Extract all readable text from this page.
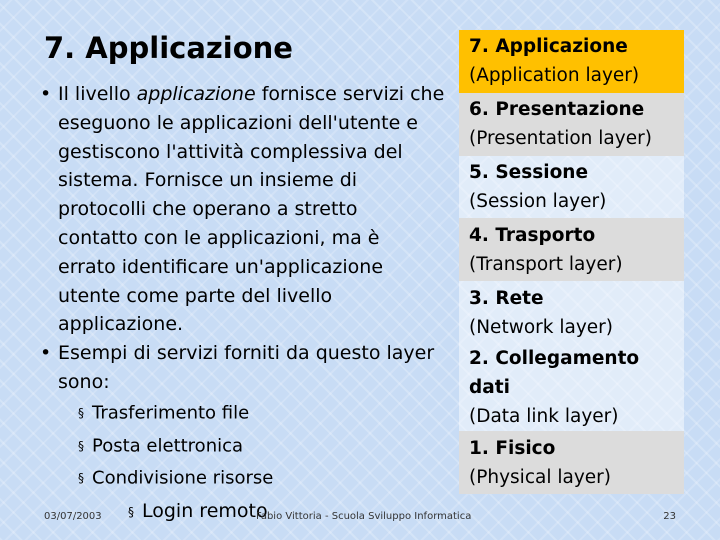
7. Applicazione
• Il livello applicazione fornisce servizi che
eseguono le applicazioni dell'utente e
gestiscono l'attività complessiva del
sistema. Fornisce un insieme di
protocolli che operano a stretto
contatto con le applicazioni, ma è
errato identificare un'applicazione
utente come parte del livello
applicazione.
• Esempi di servizi forniti da questo layer
sono:
§ Trasferimento file
§ Posta elettronica
§ Condivisione risorse
§ Login remoto
7. Applicazione
(Application layer)
6. Presentazione
(Presentation layer)
5. Sessione
(Session layer)
4. Trasporto
(Transport layer)
3. Rete
(Network layer)
2. Collegamento dati
(Data link layer)
1. Fisico
(Physical layer)
03/07/2003	Fabio Vittoria - Scuola Sviluppo Informatica	23
